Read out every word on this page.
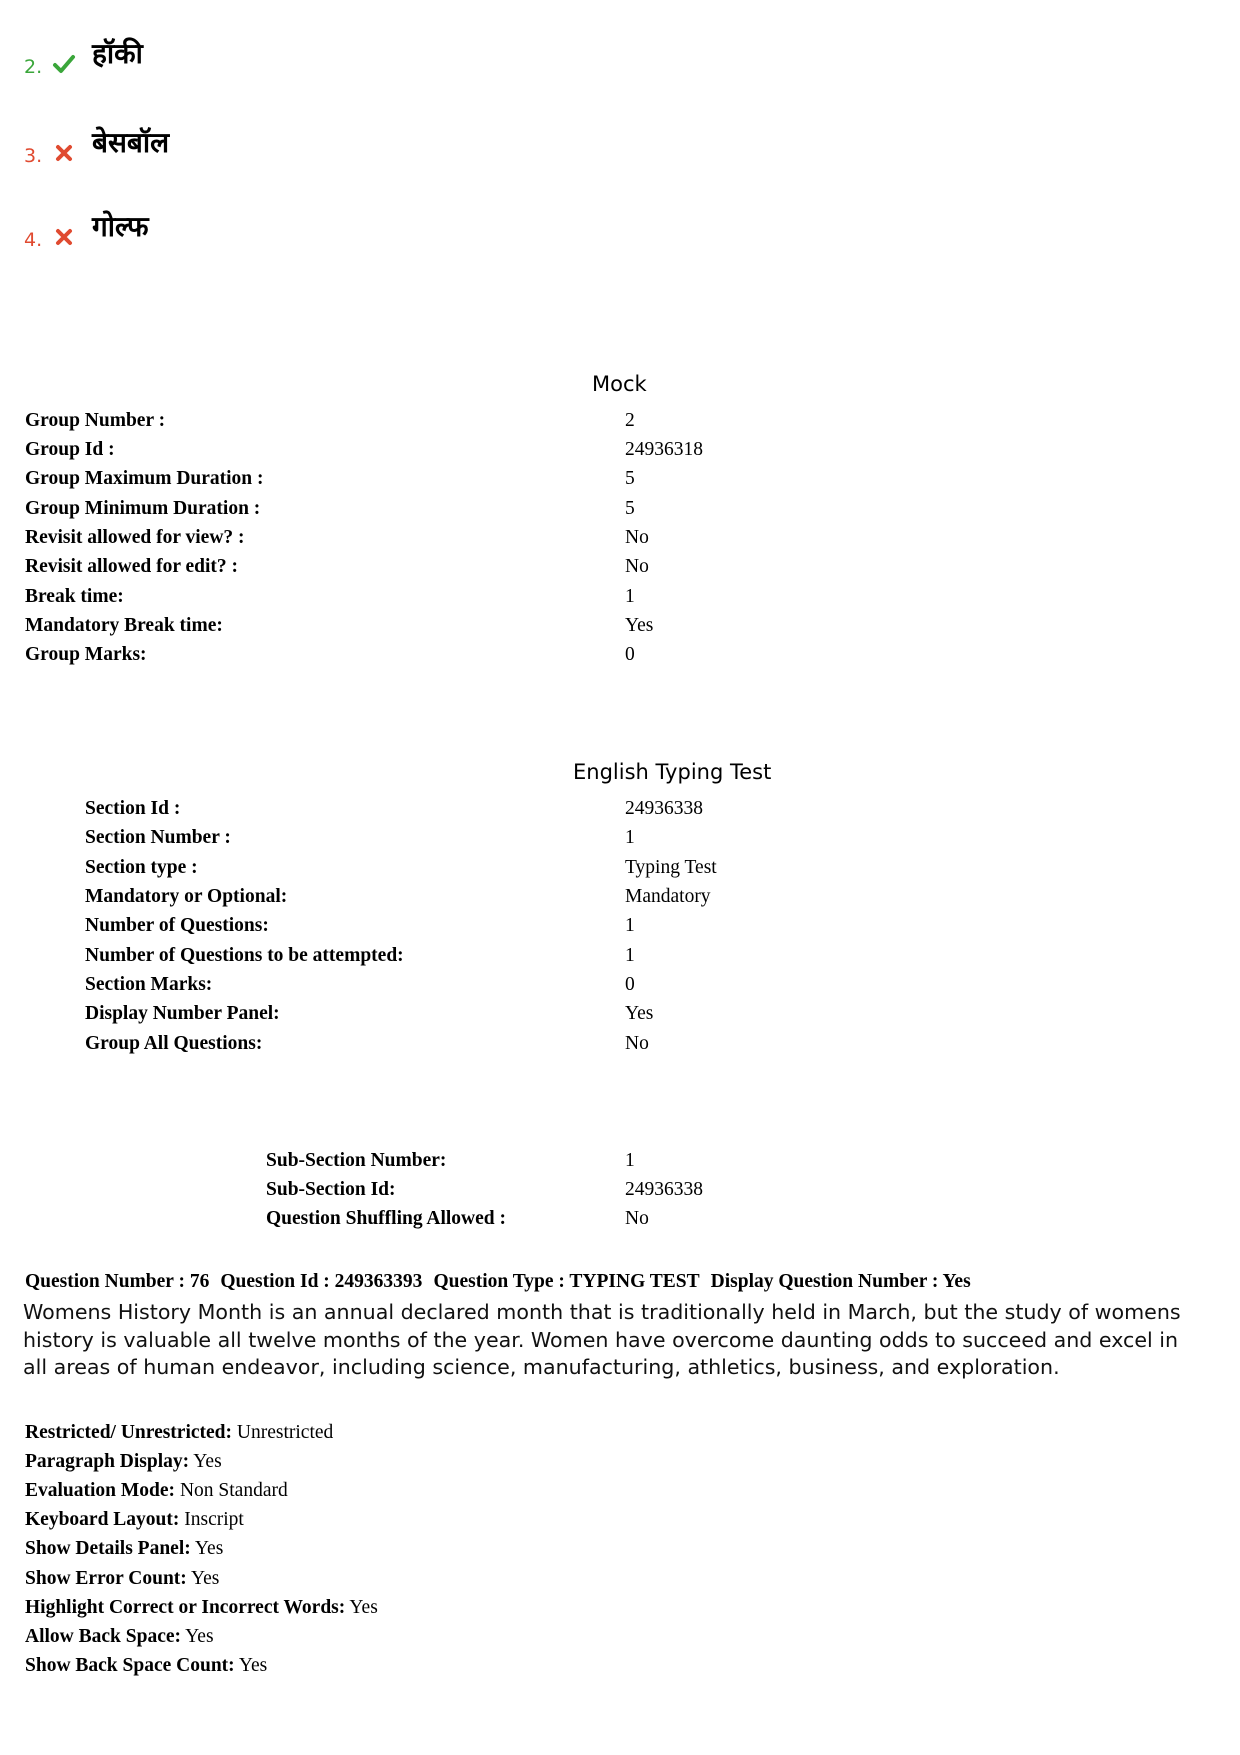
2. हॉकी
3. बेसबॉल
4. गोल्फ
Mock
Group Number :	2
Group Id :	24936318
Group Maximum Duration :	5
Group Minimum Duration :	5
Revisit allowed for view? :	No
Revisit allowed for edit? :	No
Break time:	1
Mandatory Break time:	Yes
Group Marks:	0
English Typing Test
Section Id :	24936338
Section Number :	1
Section type :	Typing Test
Mandatory or Optional:	Mandatory
Number of Questions:	1
Number of Questions to be attempted:	1
Section Marks:	0
Display Number Panel:	Yes
Group All Questions:	No
Sub-Section Number:	1
Sub-Section Id:	24936338
Question Shuffling Allowed :	No
Question Number : 76 Question Id : 249363393 Question Type : TYPING TEST Display Question Number : Yes
Womens History Month is an annual declared month that is traditionally held in March, but the study of womens history is valuable all twelve months of the year. Women have overcome daunting odds to succeed and excel in all areas of human endeavor, including science, manufacturing, athletics, business, and exploration.
Restricted/ Unrestricted: Unrestricted
Paragraph Display: Yes
Evaluation Mode: Non Standard
Keyboard Layout: Inscript
Show Details Panel: Yes
Show Error Count: Yes
Highlight Correct or Incorrect Words: Yes
Allow Back Space: Yes
Show Back Space Count: Yes
